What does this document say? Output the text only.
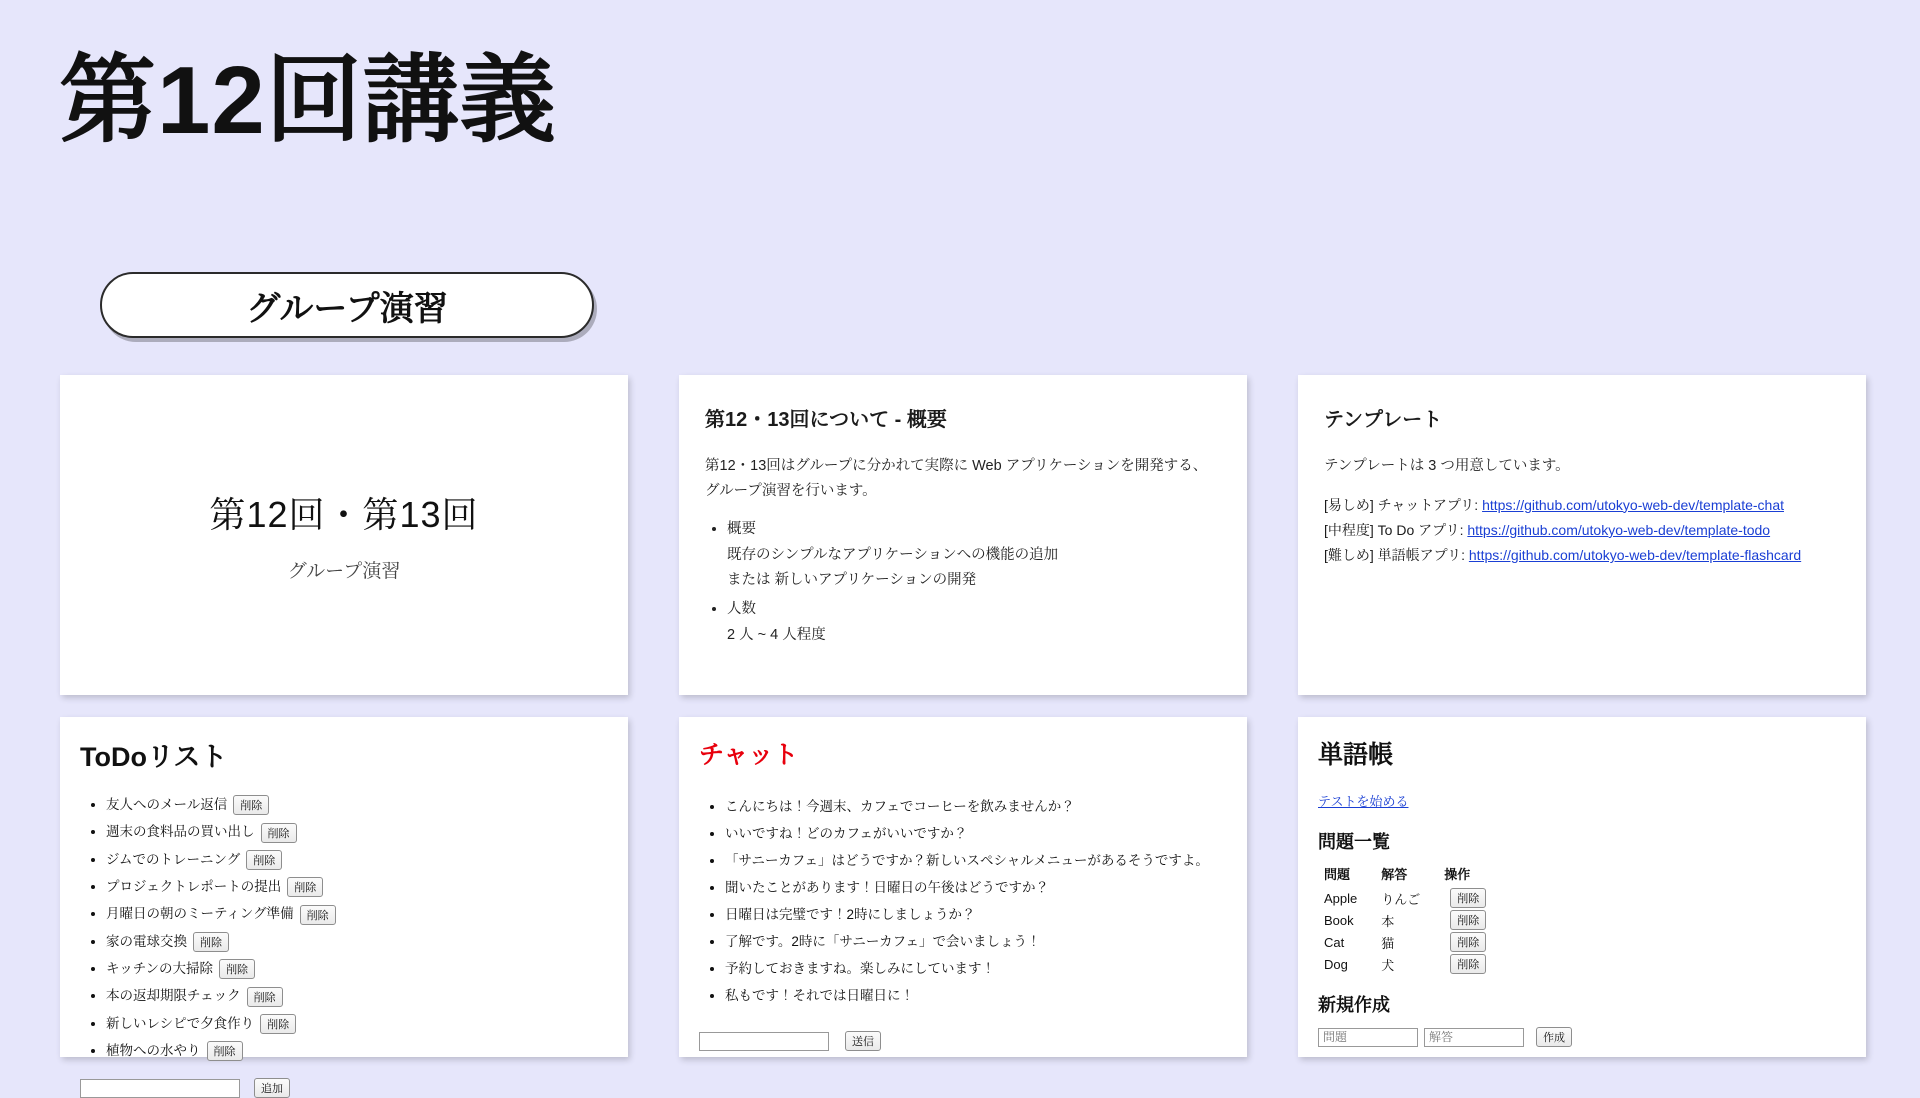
第12回講義
グループ演習
第12回・第13回
グループ演習
第12・13回について - 概要

第12・13回はグループに分かれて実際に Web アプリケーションを開発する、グループ演習を行います。

• 概要
既存のシンプルなアプリケーションへの機能の追加
または 新しいアプリケーションの開発
• 人数
2 人 ~ 4 人程度
テンプレート

テンプレートは 3 つ用意しています。

[易しめ] チャットアプリ: https://github.com/utokyo-web-dev/template-chat
[中程度] To Do アプリ: https://github.com/utokyo-web-dev/template-todo
[難しめ] 単語帳アプリ: https://github.com/utokyo-web-dev/template-flashcard
ToDoリスト
• 友人へのメール返信 削除
• 週末の食料品の買い出し 削除
• ジムでのトレーニング 削除
• プロジェクトレポートの提出 削除
• 月曜日の朝のミーティング準備 削除
• 家の電球交換 削除
• キッチンの大掃除 削除
• 本の返却期限チェック 削除
• 新しいレシピで夕食作り 削除
• 植物への水やり 削除
追加
チャット
• こんにちは！今週末、カフェでコーヒーを飲みませんか？
• いいですね！どのカフェがいいですか？
• 「サニーカフェ」はどうですか？新しいスペシャルメニューがあるそうですよ。
• 聞いたことがあります！日曜日の午後はどうですか？
• 日曜日は完璧です！2時にしましょうか？
• 了解です。2時に「サニーカフェ」で会いましょう！
• 予約しておきますね。楽しみにしています！
• 私もです！それでは日曜日に！
送信
単語帳
テストを始める
問題一覧
問題	解答	操作
Apple	りんご	削除
Book	本	削除
Cat	猫	削除
Dog	犬	削除
新規作成
問題
解答
作成
